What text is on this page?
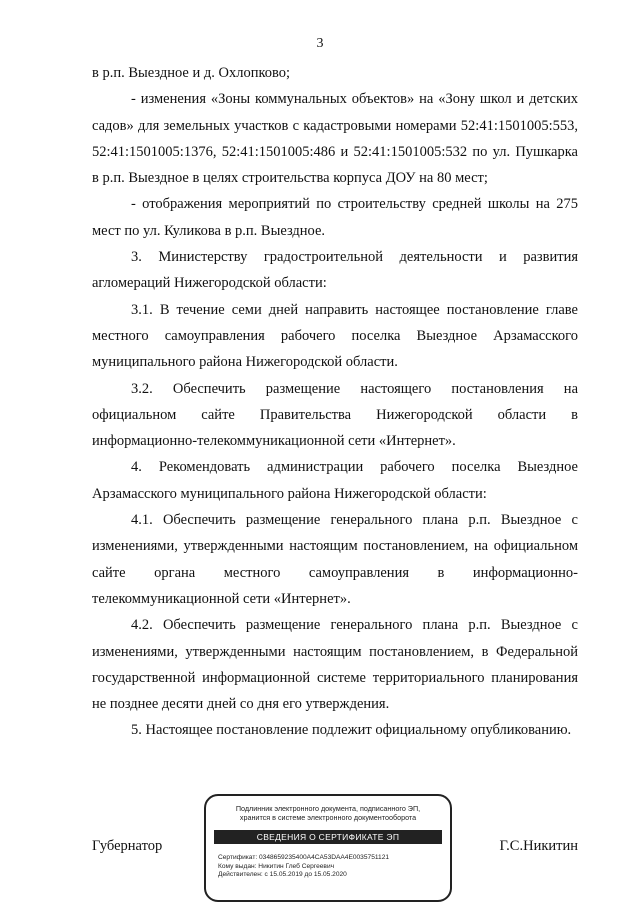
3

в р.п. Выездное и д. Охлопково;

- изменения «Зоны коммунальных объектов» на «Зону школ и детских садов» для земельных участков с кадастровыми номерами 52:41:1501005:553, 52:41:1501005:1376, 52:41:1501005:486 и 52:41:1501005:532 по ул. Пушкарка в р.п. Выездное в целях строительства корпуса ДОУ на 80 мест;

- отображения мероприятий по строительству средней школы на 275 мест по ул. Куликова в р.п. Выездное.

3. Министерству градостроительной деятельности и развития агломераций Нижегородской области:

3.1. В течение семи дней направить настоящее постановление главе местного самоуправления рабочего поселка Выездное Арзамасского муниципального района Нижегородской области.

3.2. Обеспечить размещение настоящего постановления на официальном сайте Правительства Нижегородской области в информационно-телекоммуникационной сети «Интернет».

4. Рекомендовать администрации рабочего поселка Выездное Арзамасского муниципального района Нижегородской области:

4.1. Обеспечить размещение генерального плана р.п. Выездное с изменениями, утвержденными настоящим постановлением, на официальном сайте органа местного самоуправления в информационно-телекоммуникационной сети «Интернет».

4.2. Обеспечить размещение генерального плана р.п. Выездное с изменениями, утвержденными настоящим постановлением, в Федеральной государственной информационной системе территориального планирования не позднее десяти дней со дня его утверждения.

5. Настоящее постановление подлежит официальному опубликованию.

Губернатор	Г.С.Никитин
Подлинник электронного документа, подписанного ЭП,
хранится в системе электронного документооборота
СВЕДЕНИЯ О СЕРТИФИКАТЕ ЭП
Сертификат: 0348659235400A4CA53DAA4E0035751121
Кому выдан: Никитин Глеб Сергеевич
Действителен: с 15.05.2019 до 15.05.2020
